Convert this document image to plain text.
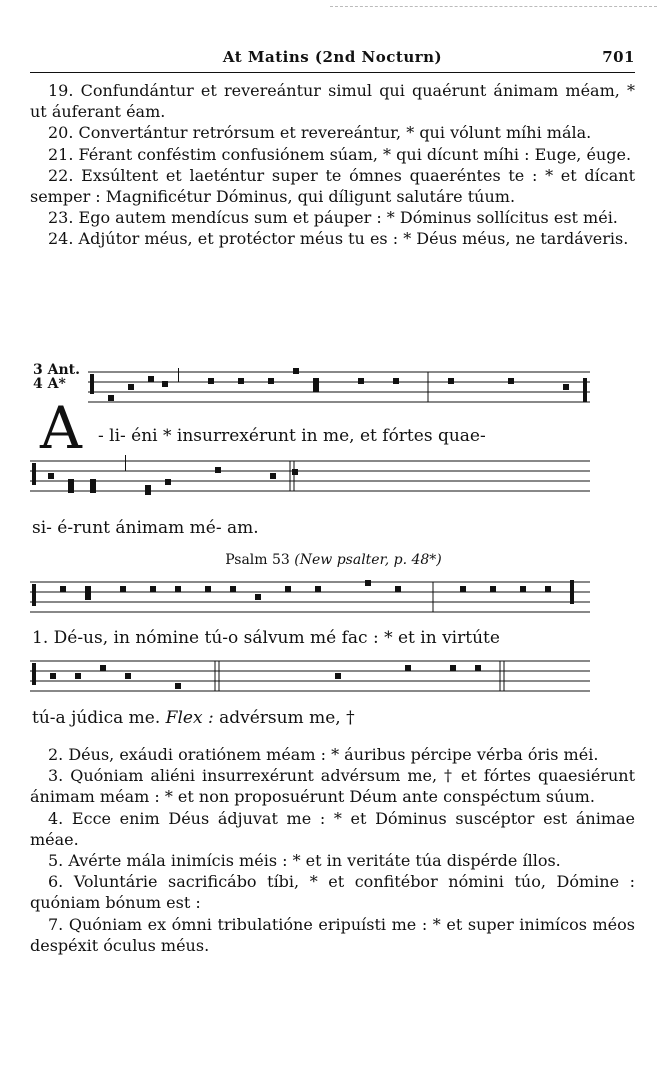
At Matins (2nd Nocturn)	701

19. Confundántur et revereántur simul qui quaérunt ánimam méam, * ut áuferant éam.

20. Convertántur retrórsum et revereántur, * qui vólunt míhi mála.

21. Férant conféstim confusiónem súam, * qui dícunt míhi : Euge, éuge.

22. Exsúltent et laeténtur super te ómnes quaeréntes te : * et dícant semper : Magnificétur Dóminus, qui díligunt salutáre túum.

23. Ego autem mendícus sum et páuper : * Dóminus sollícitus est méi.

24. Adjútor méus, et protéctor méus tu es : * Déus méus, ne tardáveris.

3 Ant.
4 A*
A - li- éni * insurrexérunt in me, et fórtes quae-
si- é-runt ánimam mé- am.
Psalm 53 (New psalter, p. 48*)
1. Dé-us, in nómine tú-o sálvum mé fac : * et in virtúte
tú-a júdica me. Flex : advérsum me, †

2. Déus, exáudi oratiónem méam : * áuribus pércipe vérba óris méi.

3. Quóniam aliéni insurrexérunt advérsum me, † et fórtes quaesiérunt ánimam méam : * et non proposuérunt Déum ante conspéctum súum.

4. Ecce enim Déus ádjuvat me : * et Dóminus suscéptor est ánimae méae.

5. Avérte mála inimícis méis : * et in veritáte túa dispérde íllos.

6. Voluntárie sacrificábo tíbi, * et confitébor nómini túo, Dómine : quóniam bónum est :

7. Quóniam ex ómni tribulatióne eripuísti me : * et super inimícos méos despéxit óculus méus.
